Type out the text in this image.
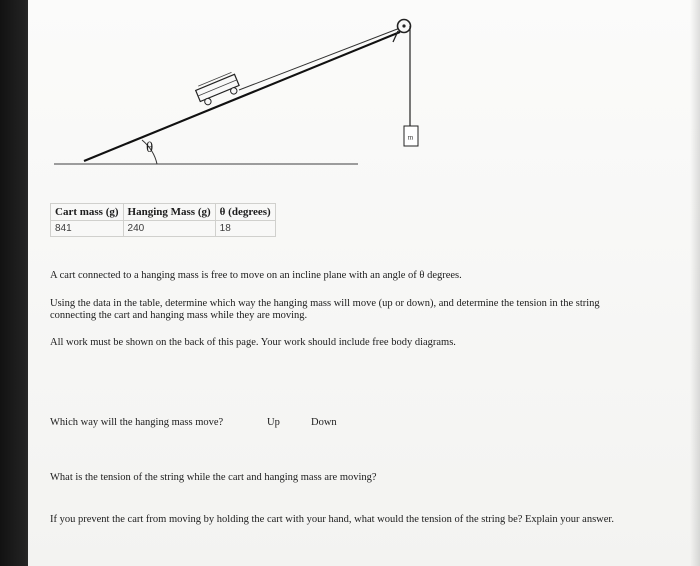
m
θ
Cart mass (g)	Hanging Mass (g)	θ (degrees)
841	240	18
A cart connected to a hanging mass is free to move on an incline plane with an angle of θ degrees.
Using the data in the table, determine which way the hanging mass will move (up or down), and determine the tension in the string connecting the cart and hanging mass while they are moving.
All work must be shown on the back of this page. Your work should include free body diagrams.
Which way will the hanging mass move?	Up	Down
What is the tension of the string while the cart and hanging mass are moving?
If you prevent the cart from moving by holding the cart with your hand, what would the tension of the string be? Explain your answer.
